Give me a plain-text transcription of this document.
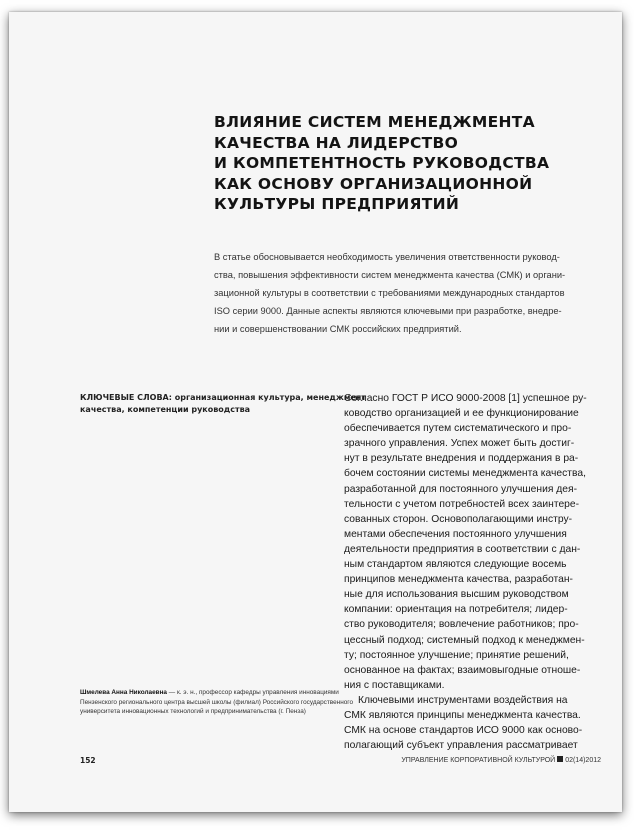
ВЛИЯНИЕ СИСТЕМ МЕНЕДЖМЕНТА
КАЧЕСТВА НА ЛИДЕРСТВО
И КОМПЕТЕНТНОСТЬ РУКОВОДСТВА
КАК ОСНОВУ ОРГАНИЗАЦИОННОЙ
КУЛЬТУРЫ ПРЕДПРИЯТИЙ
В статье обосновывается необходимость увеличения ответственности руковод-
ства, повышения эффективности систем менеджмента качества (СМК) и органи-
зационной культуры в соответствии с требованиями международных стандартов
ISO серии 9000. Данные аспекты являются ключевыми при разработке, внедре-
нии и совершенствовании СМК российских предприятий.
КЛЮЧЕВЫЕ СЛОВА: организационная культура, менеджмент
качества, компетенции руководства
Шмелева Анна Николаевна — к. э. н., профессор кафедры управления инновациями
Пензенского регионального центра высшей школы (филиал) Российского государственного
университета инновационных технологий и предпринимательства (г. Пенза)
Согласно ГОСТ Р ИСО 9000-2008 [1] успешное ру-
ководство организацией и ее функционирование
обеспечивается путем систематического и про-
зрачного управления. Успех может быть достиг-
нут в результате внедрения и поддержания в ра-
бочем состоянии системы менеджмента качества,
разработанной для постоянного улучшения дея-
тельности с учетом потребностей всех заинтере-
сованных сторон. Основополагающими инстру-
ментами обеспечения постоянного улучшения
деятельности предприятия в соответствии с дан-
ным стандартом являются следующие восемь
принципов менеджмента качества, разработан-
ные для использования высшим руководством
компании: ориентация на потребителя; лидер-
ство руководителя; вовлечение работников; про-
цессный подход; системный подход к менеджмен-
ту; постоянное улучшение; принятие решений,
основанное на фактах; взаимовыгодные отноше-
ния с поставщиками.
Ключевыми инструментами воздействия на
СМК являются принципы менеджмента качества.
СМК на основе стандартов ИСО 9000 как осново-
полагающий субъект управления рассматривает
152	УПРАВЛЕНИЕ КОРПОРАТИВНОЙ КУЛЬТУРОЙ 02(14)2012
